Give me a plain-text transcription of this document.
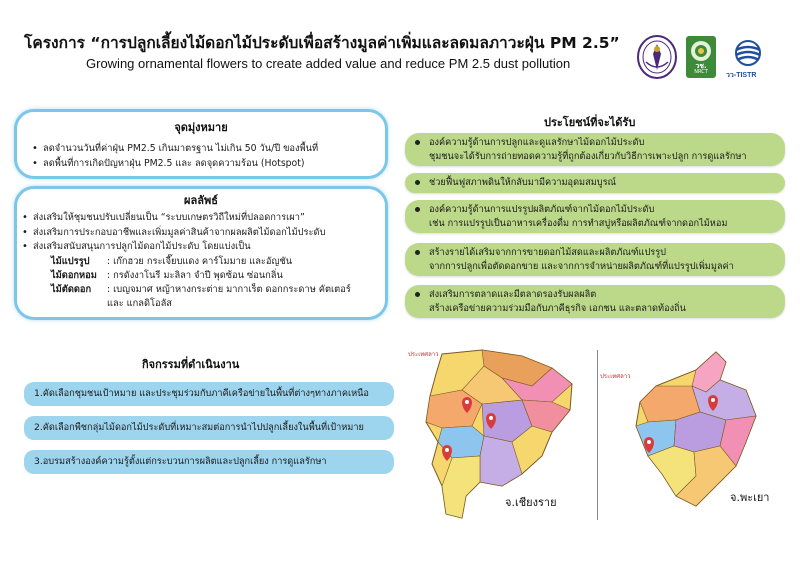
โครงการ “การปลูกเลี้ยงไม้ดอกไม้ประดับเพื่อสร้างมูลค่าเพิ่มและลดมลภาวะฝุ่น PM 2.5”
Growing ornamental flowers to create added value and reduce PM 2.5 dust pollution	วช.
NRCT	วว-TISTR
จุดมุ่งหมาย
• ลดจำนวนวันที่ค่าฝุ่น PM2.5 เกินมาตรฐาน ไม่เกิน 50 วัน/ปี ของพื้นที่
• ลดพื้นที่การเกิดปัญหาฝุ่น PM2.5 และ ลดจุดความร้อน (Hotspot)
ผลลัพธ์
• ส่งเสริมให้ชุมชนปรับเปลี่ยนเป็น “ระบบเกษตรวิถีใหม่ที่ปลอดการเผา”
• ส่งเสริมการประกอบอาชีพและเพิ่มมูลค่าสินค้าจากผลผลิตไม้ดอกไม้ประดับ
• ส่งเสริมสนับสนุนการปลูกไม้ดอกไม้ประดับ โดยแบ่งเป็น
ไม้แปรรูป	: เก๊กฮวย กระเจี๊ยบแดง คาร์โมมาย และอัญชัน
ไม้ดอกหอม	: กรดังงาโนรี มะลิลา จำปี พุดซ้อน ซ่อนกลิ่น
ไม้ตัดดอก	: เบญจมาศ หญ้าหางกระต่าย มากาเร็ต ดอกกระดาษ คัตเตอร์
และ แกลดิโอลัส
ประโยชน์ที่จะได้รับ
องค์ความรู้ด้านการปลูกและดูแลรักษาไม้ดอกไม้ประดับ
ชุมชนจะได้รับการถ่ายทอดความรู้ที่ถูกต้องเกี่ยวกับวิธีการเพาะปลูก การดูแลรักษา
ช่วยฟื้นฟูสภาพดินให้กลับมามีความอุดมสมบูรณ์
องค์ความรู้ด้านการแปรรูปผลิตภัณฑ์จากไม้ดอกไม้ประดับ
เช่น การแปรรูปเป็นอาหารเครื่องดื่ม การทำสบู่หรือผลิตภัณฑ์จากดอกไม้หอม
สร้างรายได้เสริมจากการขายดอกไม้สดและผลิตภัณฑ์แปรรูป
จากการปลูกเพื่อตัดดอกขาย และจากการจำหน่ายผลิตภัณฑ์ที่แปรรูปเพิ่มมูลค่า
ส่งเสริมการตลาดและมีตลาดรองรับผลผลิต
สร้างเครือข่ายความร่วมมือกับภาคีธุรกิจ เอกชน และตลาดท้องถิ่น
กิจกรรมที่ดำเนินงาน
1.คัดเลือกชุมชนเป้าหมาย และประชุมร่วมกับภาคีเครือข่ายในพื้นที่ต่างๆทางภาคเหนือ
2.คัดเลือกพืชกลุ่มไม้ดอกไม้ประดับที่เหมาะสมต่อการนำไปปลูกเลี้ยงในพื้นที่เป้าหมาย
3.อบรมสร้างองค์ความรู้ตั้งแต่กระบวนการผลิตและปลูกเลี้ยง การดูแลรักษา
ประเทศลาว
จ.เชียงราย
ประเทศลาว
จ.พะเยา
